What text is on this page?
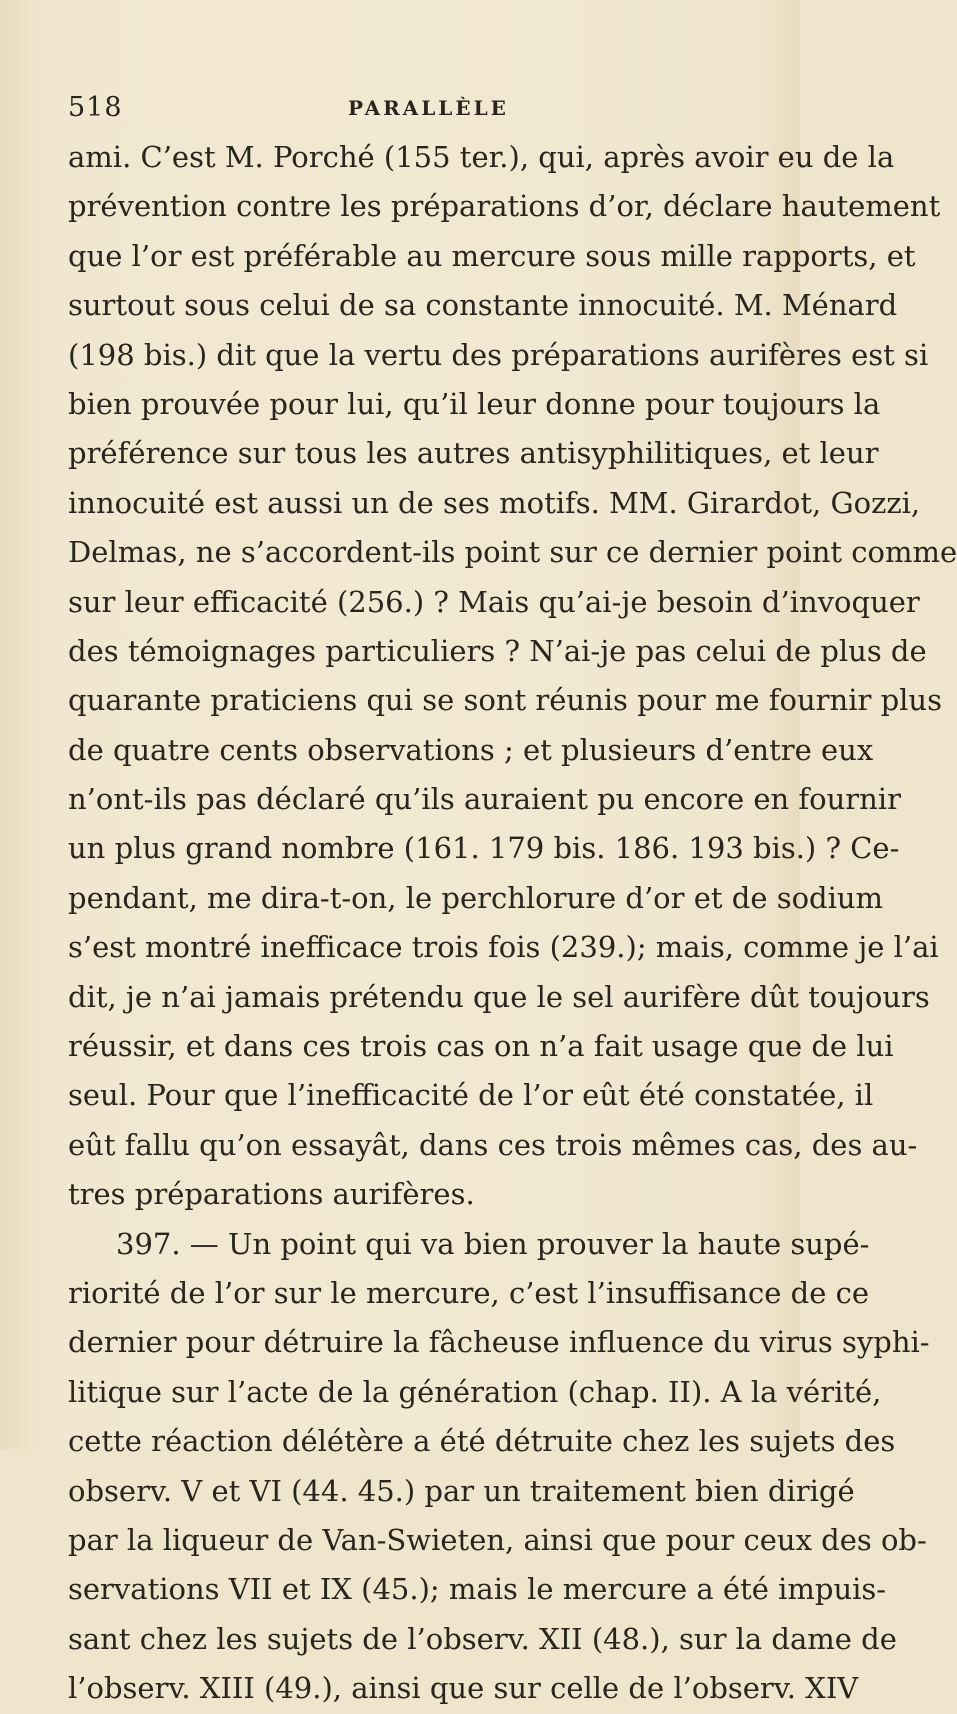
518	PARALLÈLE
ami. C’est M. Porché (155 ter.), qui, après avoir eu de la
prévention contre les préparations d’or, déclare hautement
que l’or est préférable au mercure sous mille rapports, et
surtout sous celui de sa constante innocuité. M. Ménard
(198 bis.) dit que la vertu des préparations aurifères est si
bien prouvée pour lui, qu’il leur donne pour toujours la
préférence sur tous les autres antisyphilitiques, et leur
innocuité est aussi un de ses motifs. MM. Girardot, Gozzi,
Delmas, ne s’accordent-ils point sur ce dernier point comme
sur leur efficacité (256.) ? Mais qu’ai-je besoin d’invoquer
des témoignages particuliers ? N’ai-je pas celui de plus de
quarante praticiens qui se sont réunis pour me fournir plus
de quatre cents observations ; et plusieurs d’entre eux
n’ont-ils pas déclaré qu’ils auraient pu encore en fournir
un plus grand nombre (161. 179 bis. 186. 193 bis.) ? Ce-
pendant, me dira-t-on, le perchlorure d’or et de sodium
s’est montré inefficace trois fois (239.); mais, comme je l’ai
dit, je n’ai jamais prétendu que le sel aurifère dût toujours
réussir, et dans ces trois cas on n’a fait usage que de lui
seul. Pour que l’inefficacité de l’or eût été constatée, il
eût fallu qu’on essayât, dans ces trois mêmes cas, des au-
tres préparations aurifères.
397. — Un point qui va bien prouver la haute supé-
riorité de l’or sur le mercure, c’est l’insuffisance de ce
dernier pour détruire la fâcheuse influence du virus syphi-
litique sur l’acte de la génération (chap. II). A la vérité,
cette réaction délétère a été détruite chez les sujets des
observ. V et VI (44. 45.) par un traitement bien dirigé
par la liqueur de Van-Swieten, ainsi que pour ceux des ob-
servations VII et IX (45.); mais le mercure a été impuis-
sant chez les sujets de l’observ. XII (48.), sur la dame de
l’observ. XIII (49.), ainsi que sur celle de l’observ. XIV
